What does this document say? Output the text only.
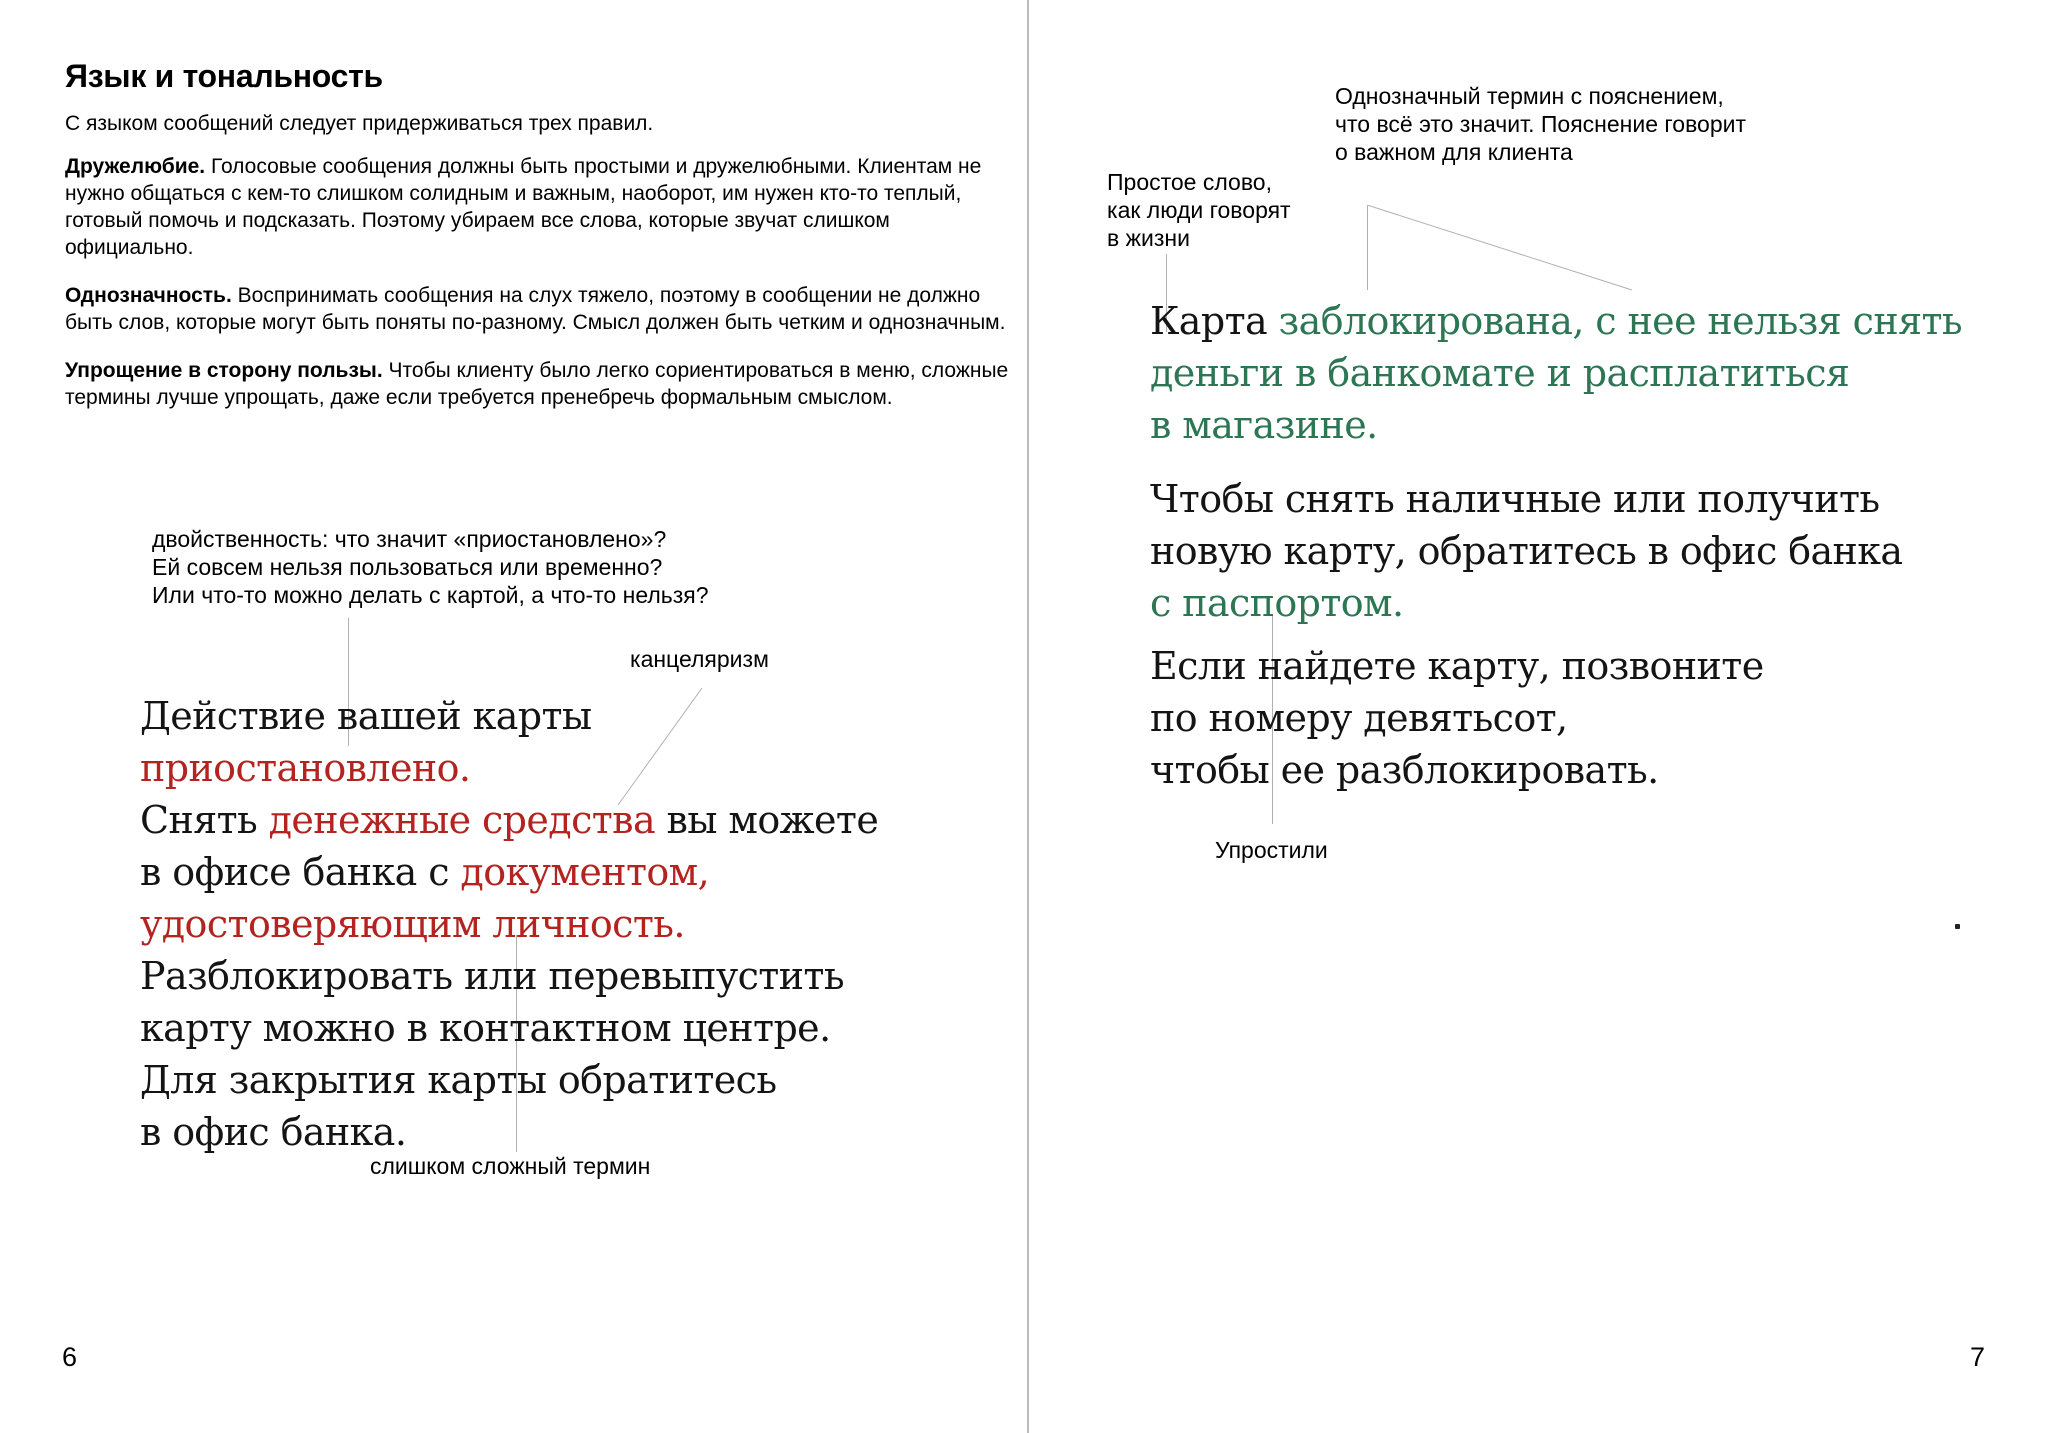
Язык и тональность
С языком сообщений следует придерживаться трех правил.
Дружелюбие. Голосовые сообщения должны быть простыми и дружелюбными. Клиентам не
нужно общаться с кем-то слишком солидным и важным, наоборот, им нужен кто-то теплый,
готовый помочь и подсказать. Поэтому убираем все слова, которые звучат слишком
официально.
Однозначность. Воспринимать сообщения на слух тяжело, поэтому в сообщении не должно
быть слов, которые могут быть поняты по-разному. Смысл должен быть четким и однозначным.
Упрощение в сторону пользы. Чтобы клиенту было легко сориентироваться в меню, сложные
термины лучше упрощать, даже если требуется пренебречь формальным смыслом.
двойственность: что значит «приостановлено»?
Ей совсем нельзя пользоваться или временно?
Или что-то можно делать с картой, а что-то нельзя?
канцеляризм
Действие вашей карты
приостановлено.
Снять денежные средства вы можете
в офисе банка с документом,
удостоверяющим личность.
Разблокировать или перевыпустить
карту можно в контактном центре.
Для закрытия карты обратитесь
в офис банка.
слишком сложный термин
6
Однозначный термин с пояснением,
что всё это значит. Пояснение говорит
о важном для клиента
Простое слово,
как люди говорят
в жизни
Карта заблокирована, с нее нельзя снять
деньги в банкомате и расплатиться
в магазине.
Чтобы снять наличные или получить
новую карту, обратитесь в офис банка
с паспортом.
Если найдете карту, позвоните
по номеру девятьсот,
чтобы ее разблокировать.
Упростили
7
